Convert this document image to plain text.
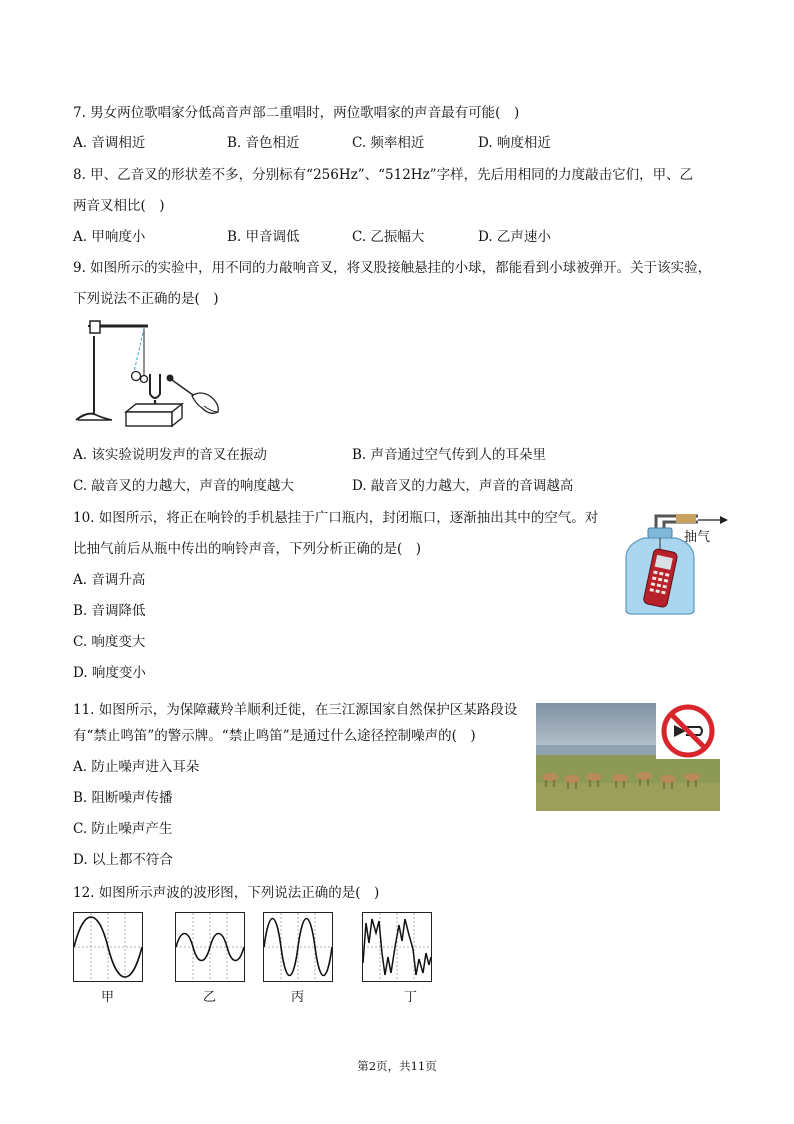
7. 男女两位歌唱家分低高音声部二重唱时，两位歌唱家的声音最有可能(　)
A. 音调相近	B. 音色相近	C. 频率相近	D. 响度相近
8. 甲、乙音叉的形状差不多，分别标有“256Hz”、“512Hz”字样，先后用相同的力度敲击它们，甲、乙
两音叉相比(　)
A. 甲响度小	B. 甲音调低	C. 乙振幅大	D. 乙声速小
9. 如图所示的实验中，用不同的力敲响音叉，将叉股接触悬挂的小球，都能看到小球被弹开。关于该实验，
下列说法不正确的是(　)
A. 该实验说明发声的音叉在振动	B. 声音通过空气传到人的耳朵里
C. 敲音叉的力越大，声音的响度越大	D. 敲音叉的力越大，声音的音调越高
10. 如图所示，将正在响铃的手机悬挂于广口瓶内，封闭瓶口，逐渐抽出其中的空气。对
比抽气前后从瓶中传出的响铃声音，下列分析正确的是(　)
A. 音调升高
B. 音调降低
C. 响度变大
D. 响度变小
抽气
11. 如图所示，为保障藏羚羊顺利迁徙，在三江源国家自然保护区某路段设
有“禁止鸣笛”的警示牌。“禁止鸣笛”是通过什么途径控制噪声的(　)
A. 防止噪声进入耳朵
B. 阻断噪声传播
C. 防止噪声产生
D. 以上都不符合
12. 如图所示声波的波形图，下列说法正确的是(　)
甲	乙	丙	丁
第2页，共11页
